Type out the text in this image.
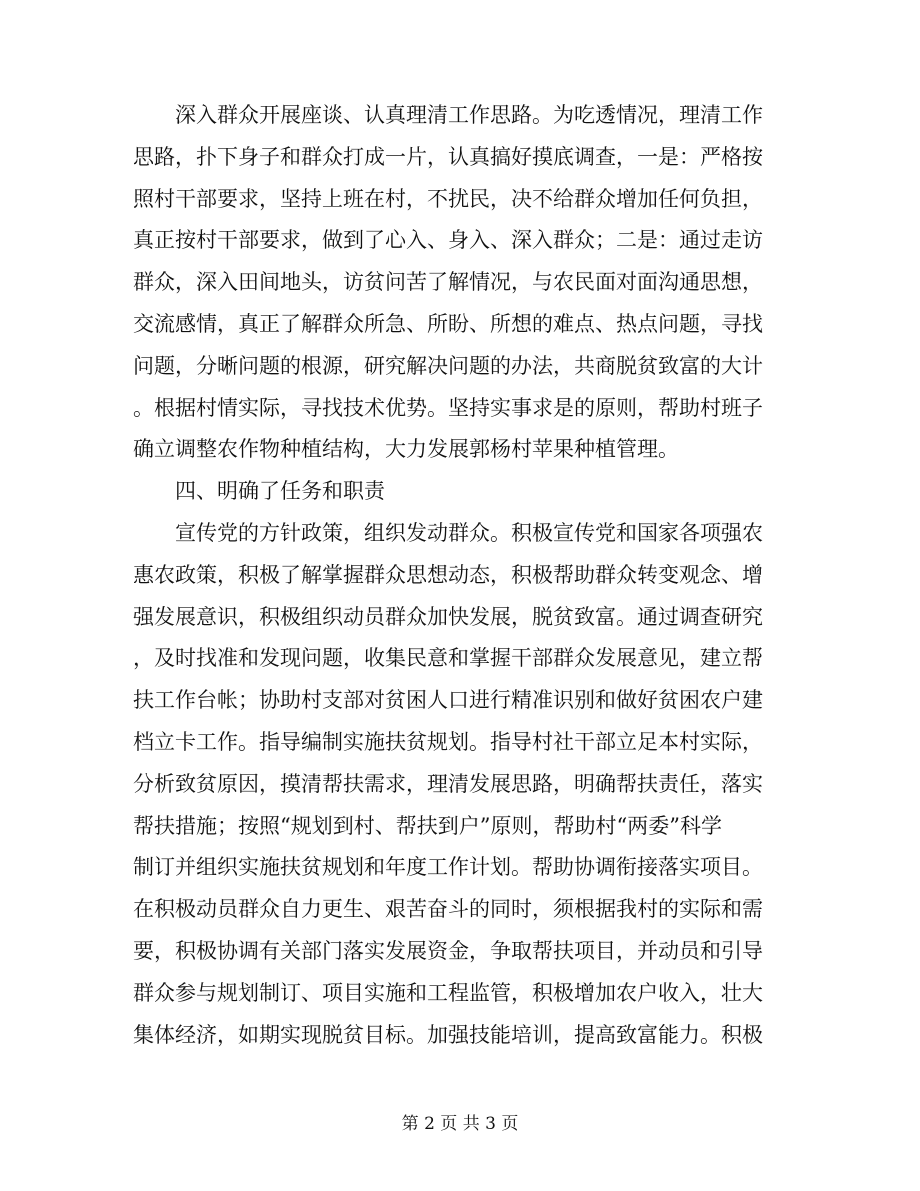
深入群众开展座谈、认真理清工作思路。为吃透情况，理清工作
思路，扑下身子和群众打成一片，认真搞好摸底调查，一是：严格按
照村干部要求，坚持上班在村，不扰民，决不给群众增加任何负担，
真正按村干部要求，做到了心入、身入、深入群众；二是：通过走访
群众，深入田间地头，访贫问苦了解情况，与农民面对面沟通思想，
交流感情，真正了解群众所急、所盼、所想的难点、热点问题，寻找
问题，分晰问题的根源，研究解决问题的办法，共商脱贫致富的大计
。根据村情实际，寻找技术优势。坚持实事求是的原则，帮助村班子
确立调整农作物种植结构，大力发展郭杨村苹果种植管理。
四、明确了任务和职责
宣传党的方针政策，组织发动群众。积极宣传党和国家各项强农
惠农政策，积极了解掌握群众思想动态，积极帮助群众转变观念、增
强发展意识，积极组织动员群众加快发展，脱贫致富。通过调查研究
，及时找准和发现问题，收集民意和掌握干部群众发展意见，建立帮
扶工作台帐；协助村支部对贫困人口进行精准识别和做好贫困农户建
档立卡工作。指导编制实施扶贫规划。指导村社干部立足本村实际，
分析致贫原因，摸清帮扶需求，理清发展思路，明确帮扶责任，落实
帮扶措施；按照“规划到村、帮扶到户”原则，帮助村“两委”科学
制订并组织实施扶贫规划和年度工作计划。帮助协调衔接落实项目。
在积极动员群众自力更生、艰苦奋斗的同时，须根据我村的实际和需
要，积极协调有关部门落实发展资金，争取帮扶项目，并动员和引导
群众参与规划制订、项目实施和工程监管，积极增加农户收入，壮大
集体经济，如期实现脱贫目标。加强技能培训，提高致富能力。积极
第 2 页 共 3 页
